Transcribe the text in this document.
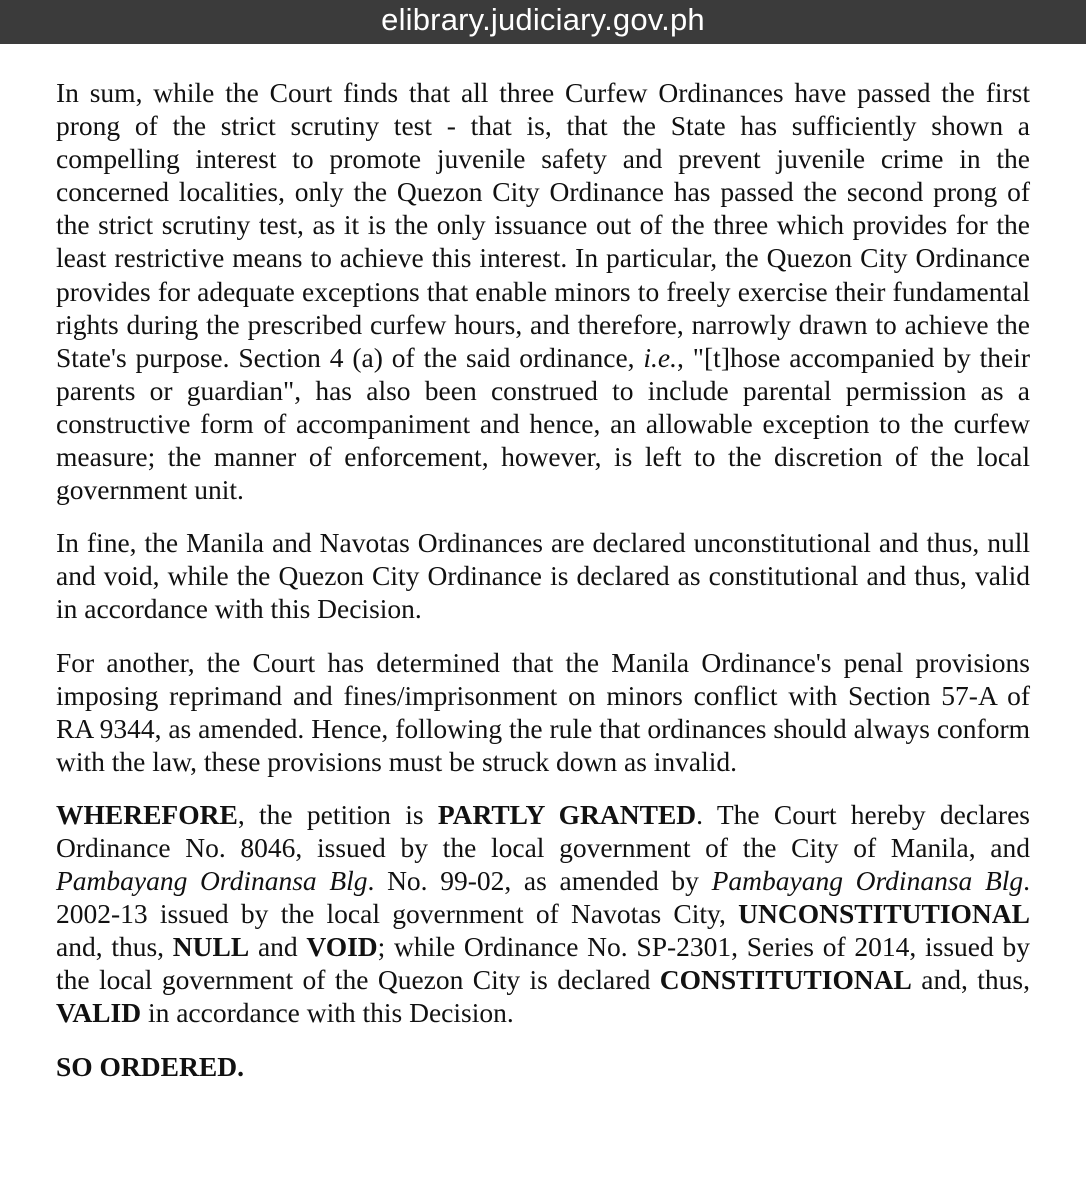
elibrary.judiciary.gov.ph

In sum, while the Court finds that all three Curfew Ordinances have passed the first prong of the strict scrutiny test - that is, that the State has sufficiently shown a compelling interest to promote juvenile safety and prevent juvenile crime in the concerned localities, only the Quezon City Ordinance has passed the second prong of the strict scrutiny test, as it is the only issuance out of the three which provides for the least restrictive means to achieve this interest. In particular, the Quezon City Ordinance provides for adequate exceptions that enable minors to freely exercise their fundamental rights during the prescribed curfew hours, and therefore, narrowly drawn to achieve the State's purpose. Section 4 (a) of the said ordinance, i.e., "[t]hose accompanied by their parents or guardian", has also been construed to include parental permission as a constructive form of accompaniment and hence, an allowable exception to the curfew measure; the manner of enforcement, however, is left to the discretion of the local government unit.

In fine, the Manila and Navotas Ordinances are declared unconstitutional and thus, null and void, while the Quezon City Ordinance is declared as constitutional and thus, valid in accordance with this Decision.

For another, the Court has determined that the Manila Ordinance's penal provisions imposing reprimand and fines/imprisonment on minors conflict with Section 57-A of RA 9344, as amended. Hence, following the rule that ordinances should always conform with the law, these provisions must be struck down as invalid.

WHEREFORE, the petition is PARTLY GRANTED. The Court hereby declares Ordinance No. 8046, issued by the local government of the City of Manila, and Pambayang Ordinansa Blg. No. 99-02, as amended by Pambayang Ordinansa Blg. 2002-13 issued by the local government of Navotas City, UNCONSTITUTIONAL and, thus, NULL and VOID; while Ordinance No. SP-2301, Series of 2014, issued by the local government of the Quezon City is declared CONSTITUTIONAL and, thus, VALID in accordance with this Decision.

SO ORDERED.
